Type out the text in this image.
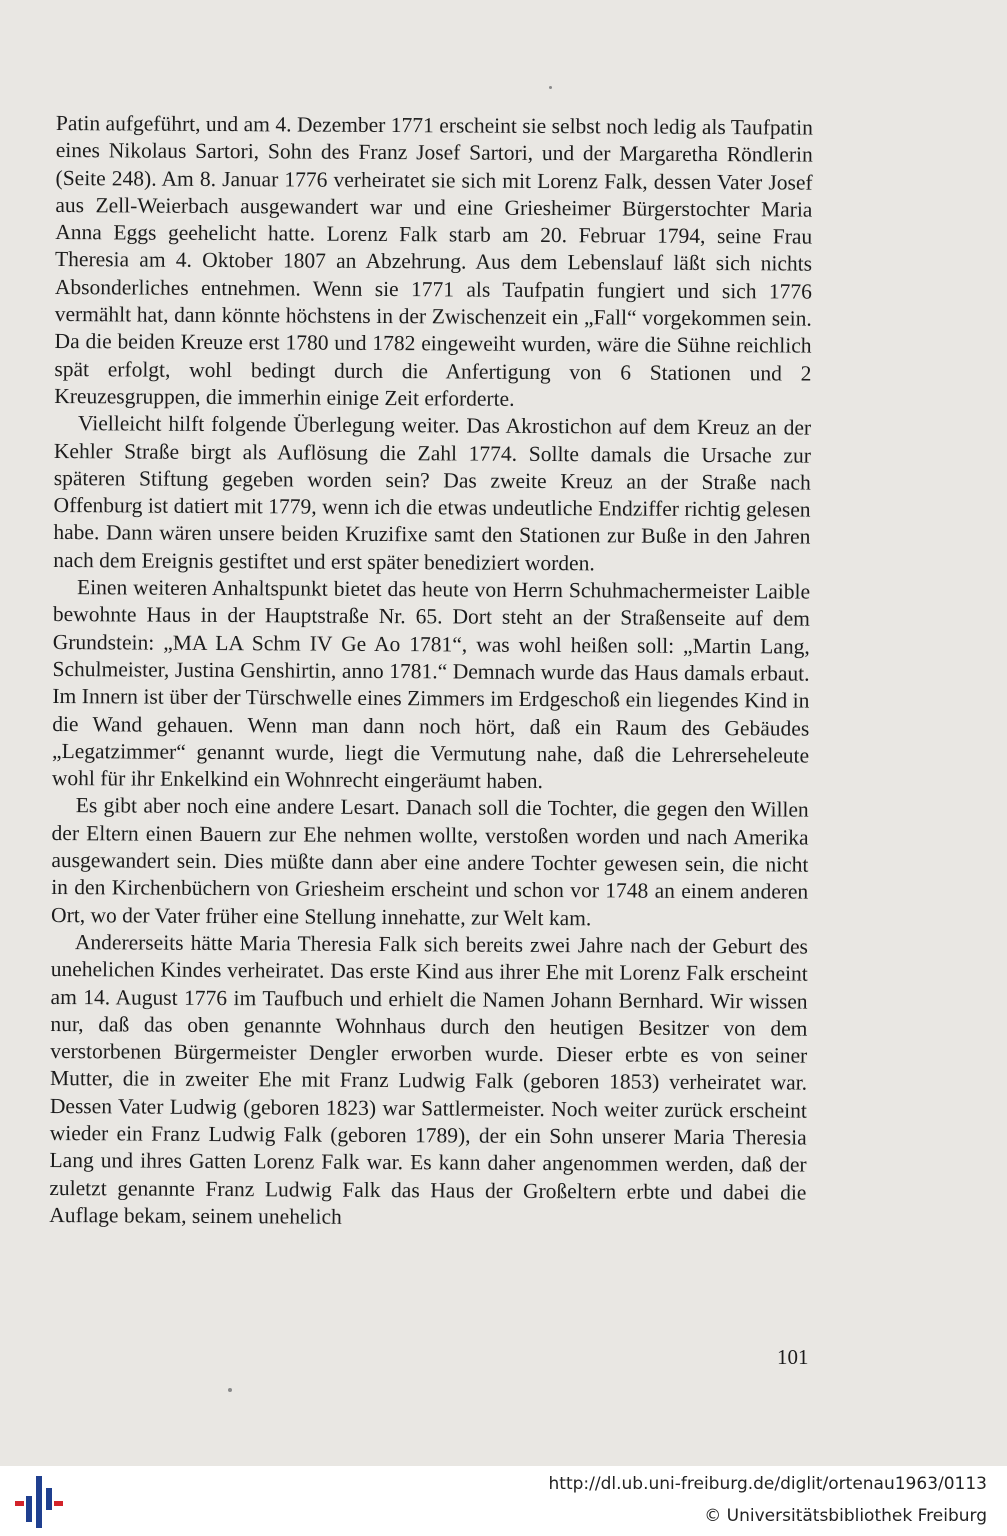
Patin aufgeführt, und am 4. Dezember 1771 erscheint sie selbst noch ledig als Taufpatin eines Nikolaus Sartori, Sohn des Franz Josef Sartori, und der Margaretha Röndlerin (Seite 248). Am 8. Januar 1776 verheiratet sie sich mit Lorenz Falk, dessen Vater Josef aus Zell-Weierbach ausgewandert war und eine Griesheimer Bürgerstochter Maria Anna Eggs geehelicht hatte. Lorenz Falk starb am 20. Februar 1794, seine Frau Theresia am 4. Oktober 1807 an Abzehrung. Aus dem Lebenslauf läßt sich nichts Absonderliches entnehmen. Wenn sie 1771 als Taufpatin fungiert und sich 1776 vermählt hat, dann könnte höchstens in der Zwischenzeit ein „Fall“ vorgekommen sein. Da die beiden Kreuze erst 1780 und 1782 eingeweiht wurden, wäre die Sühne reichlich spät erfolgt, wohl bedingt durch die Anfertigung von 6 Stationen und 2 Kreuzesgruppen, die immerhin einige Zeit erforderte.

Vielleicht hilft folgende Überlegung weiter. Das Akrostichon auf dem Kreuz an der Kehler Straße birgt als Auflösung die Zahl 1774. Sollte damals die Ursache zur späteren Stiftung gegeben worden sein? Das zweite Kreuz an der Straße nach Offenburg ist datiert mit 1779, wenn ich die etwas undeutliche Endziffer richtig gelesen habe. Dann wären unsere beiden Kruzifixe samt den Stationen zur Buße in den Jahren nach dem Ereignis gestiftet und erst später benediziert worden.

Einen weiteren Anhaltspunkt bietet das heute von Herrn Schuhmachermeister Laible bewohnte Haus in der Hauptstraße Nr. 65. Dort steht an der Straßenseite auf dem Grundstein: „MA LA Schm IV Ge Ao 1781“, was wohl heißen soll: „Martin Lang, Schulmeister, Justina Genshirtin, anno 1781.“ Demnach wurde das Haus damals erbaut. Im Innern ist über der Türschwelle eines Zimmers im Erdgeschoß ein liegendes Kind in die Wand gehauen. Wenn man dann noch hört, daß ein Raum des Gebäudes „Legatzimmer“ genannt wurde, liegt die Vermutung nahe, daß die Lehrerseheleute wohl für ihr Enkelkind ein Wohnrecht eingeräumt haben.

Es gibt aber noch eine andere Lesart. Danach soll die Tochter, die gegen den Willen der Eltern einen Bauern zur Ehe nehmen wollte, verstoßen worden und nach Amerika ausgewandert sein. Dies müßte dann aber eine andere Tochter gewesen sein, die nicht in den Kirchenbüchern von Griesheim erscheint und schon vor 1748 an einem anderen Ort, wo der Vater früher eine Stellung innehatte, zur Welt kam.

Andererseits hätte Maria Theresia Falk sich bereits zwei Jahre nach der Geburt des unehelichen Kindes verheiratet. Das erste Kind aus ihrer Ehe mit Lorenz Falk erscheint am 14. August 1776 im Taufbuch und erhielt die Namen Johann Bernhard. Wir wissen nur, daß das oben genannte Wohnhaus durch den heutigen Besitzer von dem verstorbenen Bürgermeister Dengler erworben wurde. Dieser erbte es von seiner Mutter, die in zweiter Ehe mit Franz Ludwig Falk (geboren 1853) verheiratet war. Dessen Vater Ludwig (geboren 1823) war Sattlermeister. Noch weiter zurück erscheint wieder ein Franz Ludwig Falk (geboren 1789), der ein Sohn unserer Maria Theresia Lang und ihres Gatten Lorenz Falk war. Es kann daher angenommen werden, daß der zuletzt genannte Franz Ludwig Falk das Haus der Großeltern erbte und dabei die Auflage bekam, seinem unehelich

101
http://dl.ub.uni-freiburg.de/diglit/ortenau1963/0113
© Universitätsbibliothek Freiburg
